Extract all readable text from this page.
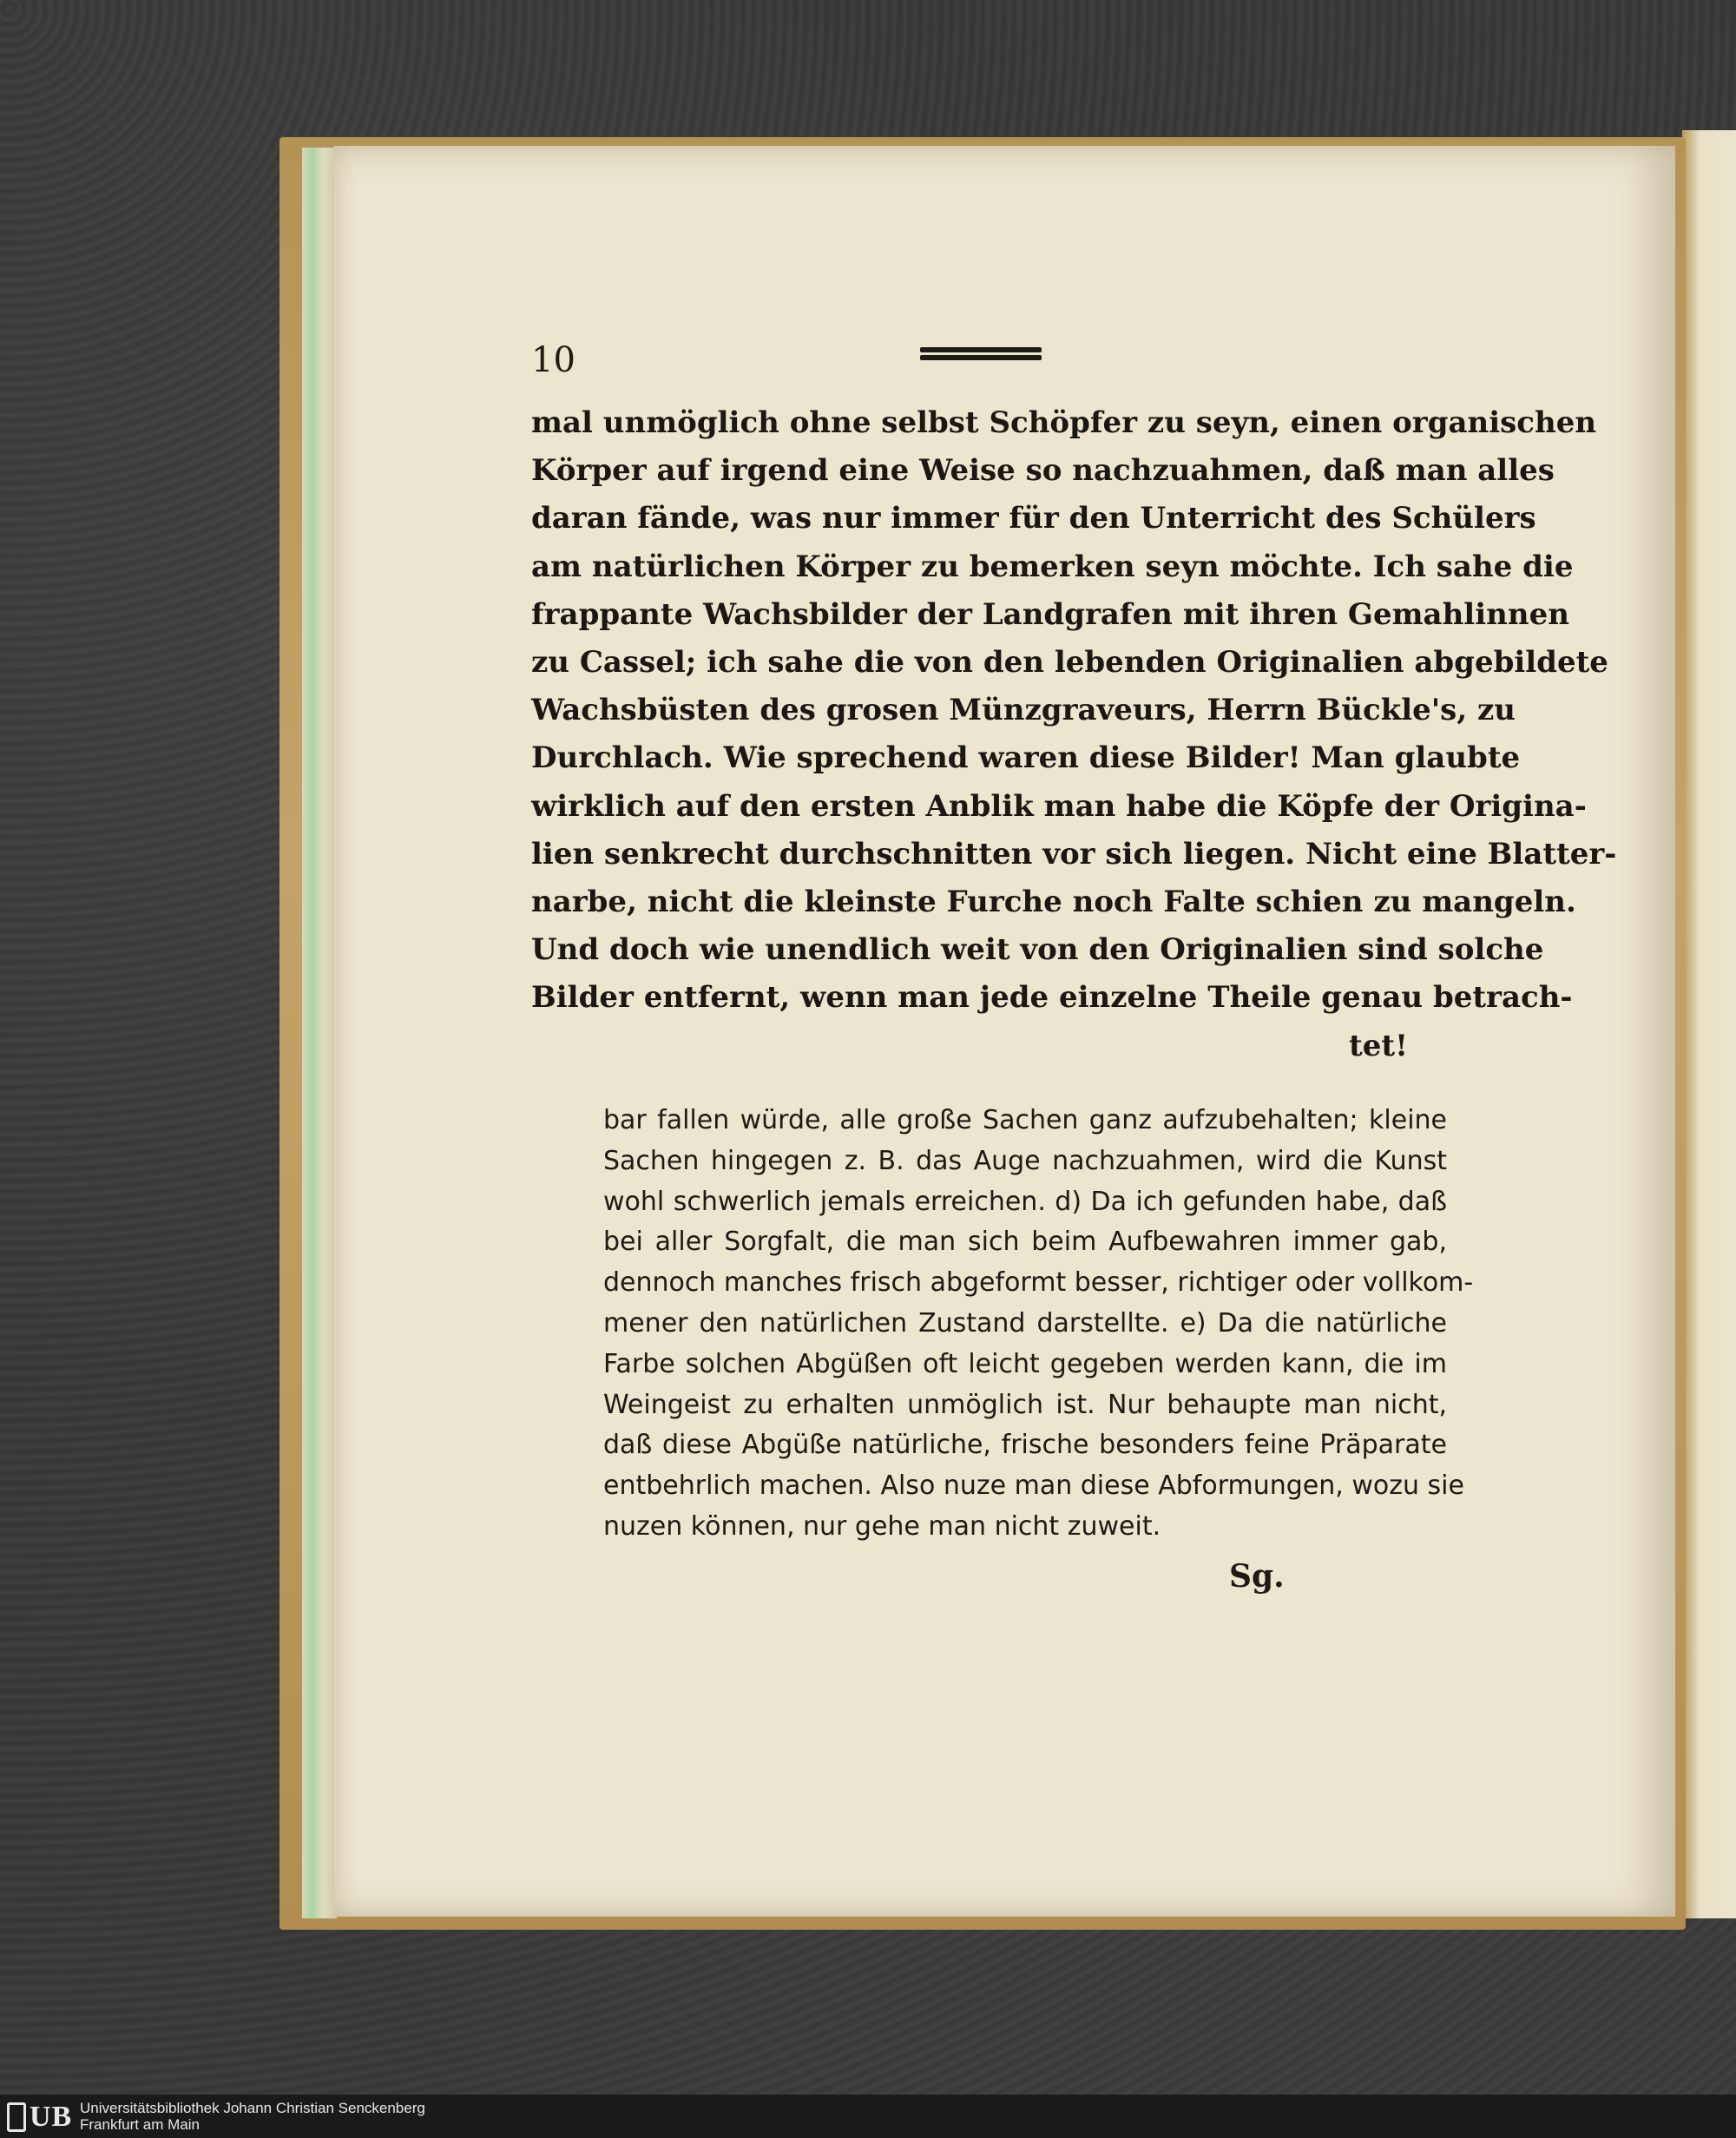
10
mal unmöglich ohne selbst Schöpfer zu seyn, einen organischen
Körper auf irgend eine Weise so nachzuahmen, daß man alles
daran fände, was nur immer für den Unterricht des Schülers
am natürlichen Körper zu bemerken seyn möchte. Ich sahe die
frappante Wachsbilder der Landgrafen mit ihren Gemahlinnen
zu Cassel; ich sahe die von den lebenden Originalien abgebildete
Wachsbüsten des grosen Münzgraveurs, Herrn Bückle's, zu
Durchlach. Wie sprechend waren diese Bilder! Man glaubte
wirklich auf den ersten Anblik man habe die Köpfe der Origina-
lien senkrecht durchschnitten vor sich liegen. Nicht eine Blatter-
narbe, nicht die kleinste Furche noch Falte schien zu mangeln.
Und doch wie unendlich weit von den Originalien sind solche
Bilder entfernt, wenn man jede einzelne Theile genau betrach-
tet!
bar fallen würde, alle große Sachen ganz aufzubehalten; kleine
Sachen hingegen z. B. das Auge nachzuahmen, wird die Kunst
wohl schwerlich jemals erreichen. d) Da ich gefunden habe, daß
bei aller Sorgfalt, die man sich beim Aufbewahren immer gab,
dennoch manches frisch abgeformt besser, richtiger oder vollkom-
mener den natürlichen Zustand darstellte. e) Da die natürliche
Farbe solchen Abgüßen oft leicht gegeben werden kann, die im
Weingeist zu erhalten unmöglich ist. Nur behaupte man nicht,
daß diese Abgüße natürliche, frische besonders feine Präparate
entbehrlich machen. Also nuze man diese Abformungen, wozu sie
nuzen können, nur gehe man nicht zuweit.
Sg.
UB Universitätsbibliothek Johann Christian Senckenberg
Frankfurt am Main
